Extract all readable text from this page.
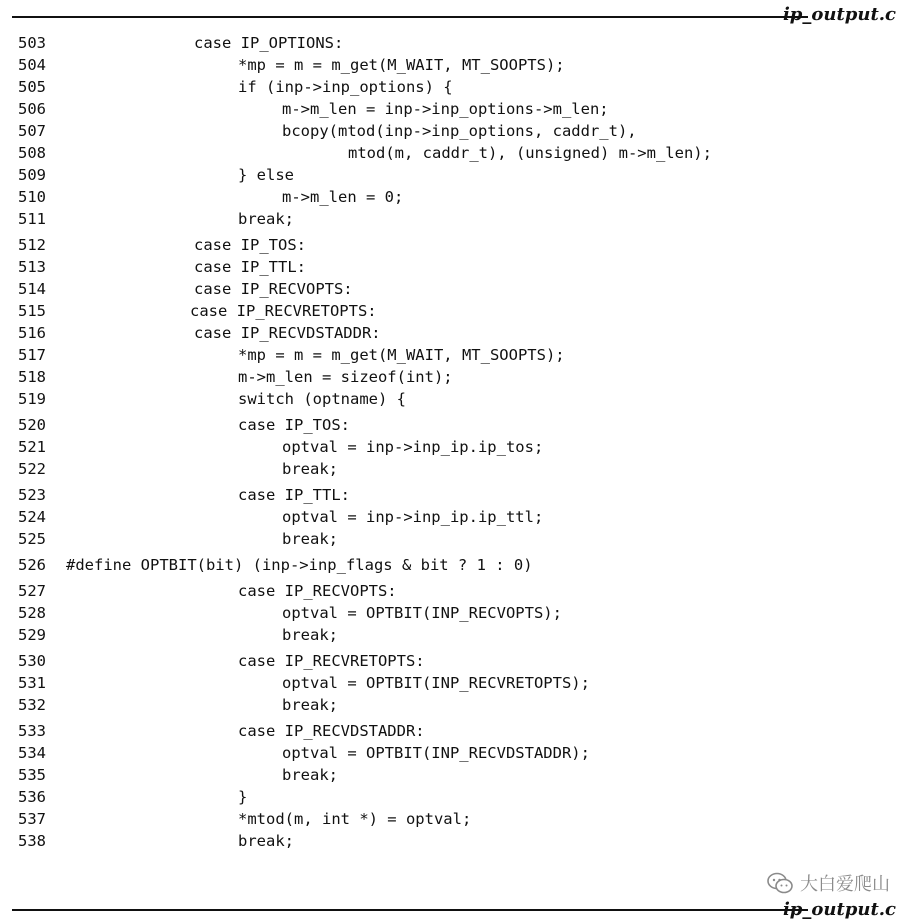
ip_output.c
503	case IP_OPTIONS:
504	*mp = m = m_get(M_WAIT, MT_SOOPTS);
505	if (inp->inp_options) {
506	m->m_len = inp->inp_options->m_len;
507	bcopy(mtod(inp->inp_options, caddr_t),
508	mtod(m, caddr_t), (unsigned) m->m_len);
509	} else
510	m->m_len = 0;
511	break;
512	case IP_TOS:
513	case IP_TTL:
514	case IP_RECVOPTS:
515	case IP_RECVRETOPTS:
516	case IP_RECVDSTADDR:
517	*mp = m = m_get(M_WAIT, MT_SOOPTS);
518	m->m_len = sizeof(int);
519	switch (optname) {
520	case IP_TOS:
521	optval = inp->inp_ip.ip_tos;
522	break;
523	case IP_TTL:
524	optval = inp->inp_ip.ip_ttl;
525	break;
526	#define OPTBIT(bit) (inp->inp_flags & bit ? 1 : 0)
527	case IP_RECVOPTS:
528	optval = OPTBIT(INP_RECVOPTS);
529	break;
530	case IP_RECVRETOPTS:
531	optval = OPTBIT(INP_RECVRETOPTS);
532	break;
533	case IP_RECVDSTADDR:
534	optval = OPTBIT(INP_RECVDSTADDR);
535	break;
536	}
537	*mtod(m, int *) = optval;
538	break;
ip_output.c
大白爱爬山
